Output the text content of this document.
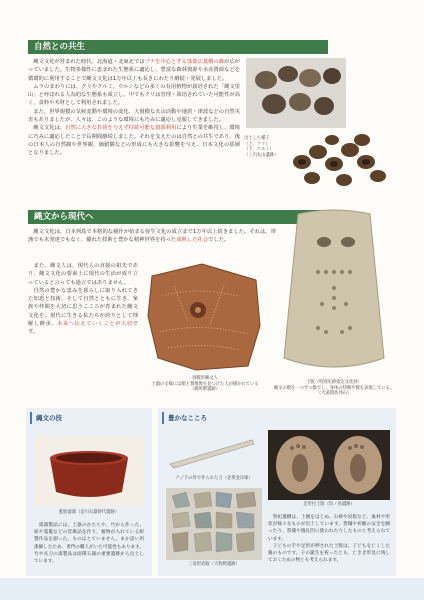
自然との共生
　縄文文化が営まれた時代、北海道・北東北ではブナを中心とする落葉広葉樹の森が広がっていました。生物多様性に恵まれた生態系に適応し、豊富な森林資源や水産資源などを循環的に利用することで縄文文化は1万年以上も長きにわたり継続・発展しました。
　ムラのまわりには、クリやクルミ、ウルシなどの多くの有用植物が栽培された「縄文里山」と呼ばれる人為的な生態系も成立し、中でもクリは管理・栽培されていた可能性が高く、食料や木材として利用されました。
　また、世界規模の気候変動や環境の変化、大規模な火山活動や地震・津波などの自然災害もありましたが、人々は、このような環境にも巧みに適応し克服してきました。
　縄文文化は、自然に大きな負荷を与えず持続可能な資源利用により生業を維持し、環境に巧みに適応したことで長期間継続しました。それを支えたのは自然との共生であり、後の日本人の自然観や世界観、価値観などの形成にも大きな影響を与え、日本文化の基層となりました。
出土した種子
（上：クリ）
（下：クルミ）
（三内丸山遺跡）
縄文から現代へ
　縄文文化は、日本列島で本格的な稲作が始まる弥生文化の成立まで1万年以上続きました。それは、帯漁でも未発達でもなく、優れた技術と豊かな精神世界を持った成熟した社会でした。
　また、縄文人は、現代人の直接の祖先であり、縄文文化の要素上に現代の生活が成り立っていると言っても過言ではありません。
　自然の豊かな恵みを暮らしに取り入れてきた知恵と技術、そして自然とともに生き、家族や仲間を大切に思うこころが育まれた縄文文化を、現代に生きる私たちが誇りとして理解し継承、未来へ伝えていくことが大切です。
羽幌形縄文人
土器の文様には顔と想像像を見つけた人が描かれている
（御所野遺跡）
土版（特別史跡指定文化財）
縄文の数を一つずつ数でし、身体の特徴や数を表現している。
（大湯環状列石）
縄文の技
藍胎漆器（是川石器時代遺跡）
　漆器製品には、土器のかたちや、竹から作った、紐や篭籠などの装飾品を作り、植物が入れている組製作品を創った。ものはとていません。まか語い用漆細したため、専門の職人がいた可能性もあります。竹や長刀の漆製品は面積石器の重要遺跡から出土しています。
豊かなこころ
クジラの骨で作られた刀（北黄金貝塚）
三角形岩版（大牧野遺跡）
足形付土版（垣ノ島遺跡）
　祭祀遺構は、土偶をはじめ、石棒や岩版など、素材や形状が様々なものが出土しています。豊穣や祈願の安全を願ったり、祭儀や儀礼的に使われたりしたものと考えられています。
　子どもの手や足形が押された土版は、子どもを亡くした親のものです。子の誕生を祝ったとも、亡きき形見に残しておくための物とも考えられます。
